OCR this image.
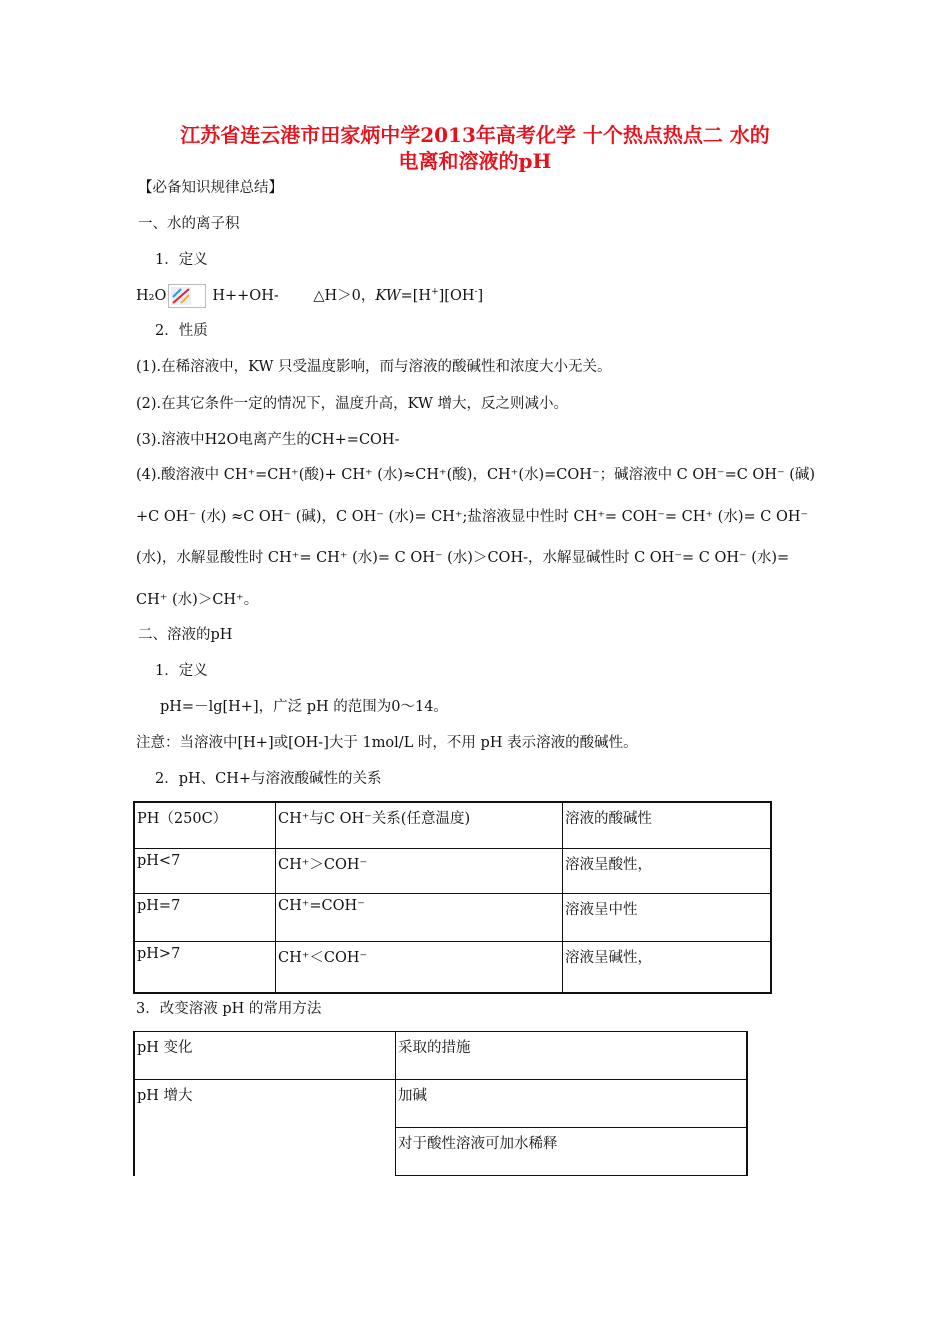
江苏省连云港市田家炳中学2013年高考化学 十个热点热点二 水的
电离和溶液的pH
【必备知识规律总结】
一、水的离子积
1．定义
H₂O	H++OH- △H＞0，KW=[H+][OH-]
2．性质
(1).在稀溶液中，KW 只受温度影响，而与溶液的酸碱性和浓度大小无关。
(2).在其它条件一定的情况下，温度升高，KW 增大，反之则减小。
(3).溶液中H2O电离产生的CH+=COH-
(4).酸溶液中 CH⁺=CH⁺(酸)+ CH⁺ (水)≈CH⁺(酸)，CH⁺(水)=COH⁻；碱溶液中 C OH⁻=C OH⁻ (碱)
+C OH⁻ (水) ≈C OH⁻ (碱)，C OH⁻ (水)= CH⁺;盐溶液显中性时 CH⁺= COH⁻= CH⁺ (水)= C OH⁻
(水)，水解显酸性时 CH⁺= CH⁺ (水)= C OH⁻ (水)＞COH-，水解显碱性时 C OH⁻= C OH⁻ (水)=
CH⁺ (水)＞CH⁺。
二、溶液的pH
1．定义
pH=－lg[H+]，广泛 pH 的范围为0～14。
注意：当溶液中[H+]或[OH-]大于 1mol/L 时，不用 pH 表示溶液的酸碱性。
2．pH、CH+与溶液酸碱性的关系
PH（250C）	CH⁺与C OH⁻关系(任意温度)	溶液的酸碱性
pH<7	CH⁺＞COH⁻	溶液呈酸性，
pH=7	CH⁺=COH⁻	溶液呈中性
pH>7	CH⁺＜COH⁻	溶液呈碱性，
3．改变溶液 pH 的常用方法
pH 变化	采取的措施
pH 增大	加碱
	对于酸性溶液可加水稀释
